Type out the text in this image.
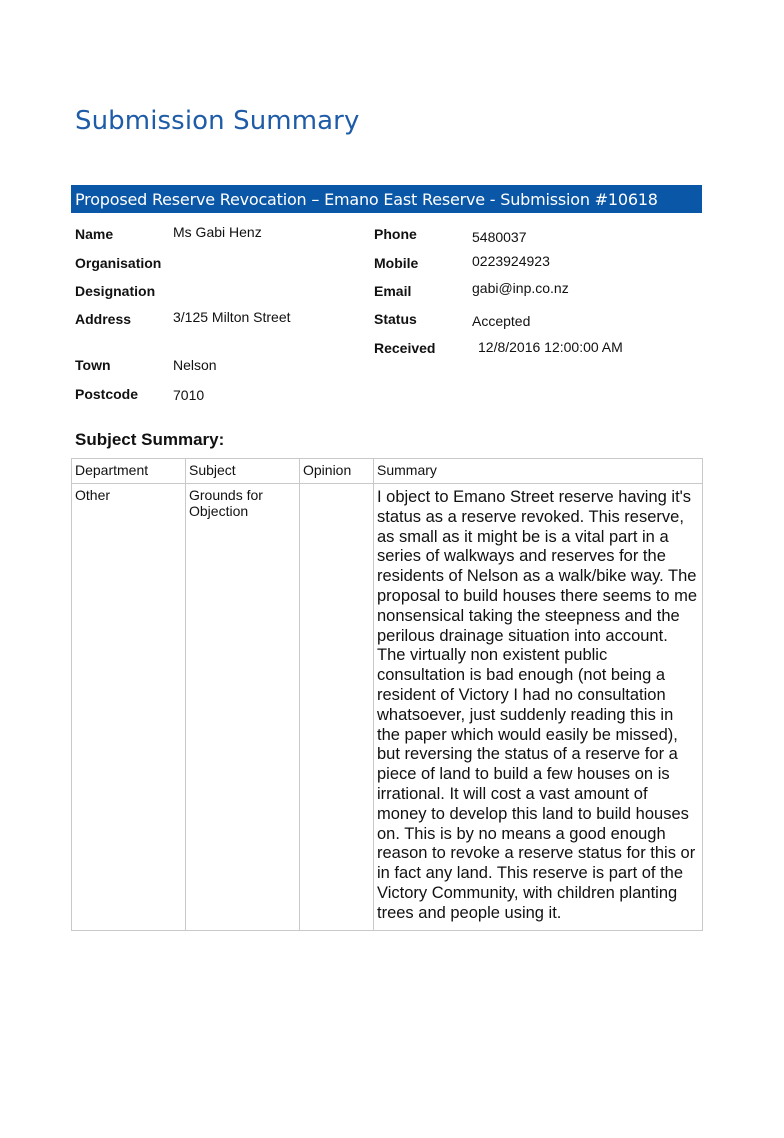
Submission Summary
Proposed Reserve Revocation – Emano East Reserve - Submission #10618
Name	Ms Gabi Henz
Organisation
Designation
Address	3/125 Milton Street
Town	Nelson
Postcode 7010
Phone	5480037
Mobile	0223924923
Email	gabi@inp.co.nz
Status	Accepted
Received	12/8/2016 12:00:00 AM
Subject Summary:
Department	Subject	Opinion	Summary
Other	Grounds for Objection		I object to Emano Street reserve having it's status as a reserve revoked. This reserve, as small as it might be is a vital part in a series of walkways and reserves for the residents of Nelson as a walk/bike way. The proposal to build houses there seems to me nonsensical taking the steepness and the perilous drainage situation into account. The virtually non existent public consultation is bad enough (not being a resident of Victory I had no consultation whatsoever, just suddenly reading this in the paper which would easily be missed), but reversing the status of a reserve for a piece of land to build a few houses on is irrational. It will cost a vast amount of money to develop this land to build houses on. This is by no means a good enough reason to revoke a reserve status for this or in fact any land. This reserve is part of the Victory Community, with children planting trees and people using it.
